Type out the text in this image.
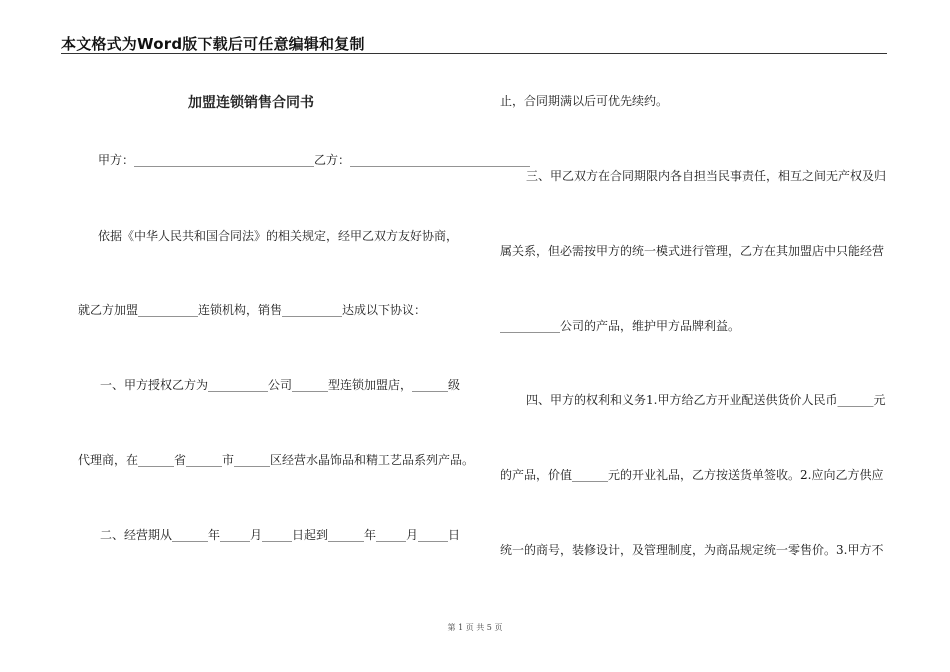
本文格式为Word版下载后可任意编辑和复制
加盟连锁销售合同书
甲方：______________________________乙方：______________________________
依据《中华人民共和国合同法》的相关规定，经甲乙双方友好协商，
就乙方加盟__________连锁机构，销售__________达成以下协议：
一、甲方授权乙方为__________公司______型连锁加盟店，______级
代理商，在______省______市______区经营水晶饰品和精工艺品系列产品。
二、经营期从______年_____月_____日起到______年_____月_____日
止，合同期满以后可优先续约。
三、甲乙双方在合同期限内各自担当民事责任，相互之间无产权及归
属关系，但必需按甲方的统一模式进行管理，乙方在其加盟店中只能经营
__________公司的产品，维护甲方品牌利益。
四、甲方的权利和义务1.甲方给乙方开业配送供货价人民币______元
的产品，价值______元的开业礼品，乙方按送货单签收。2.应向乙方供应
统一的商号，装修设计，及管理制度，为商品规定统一零售价。3.甲方不
第 1 页 共 5 页
